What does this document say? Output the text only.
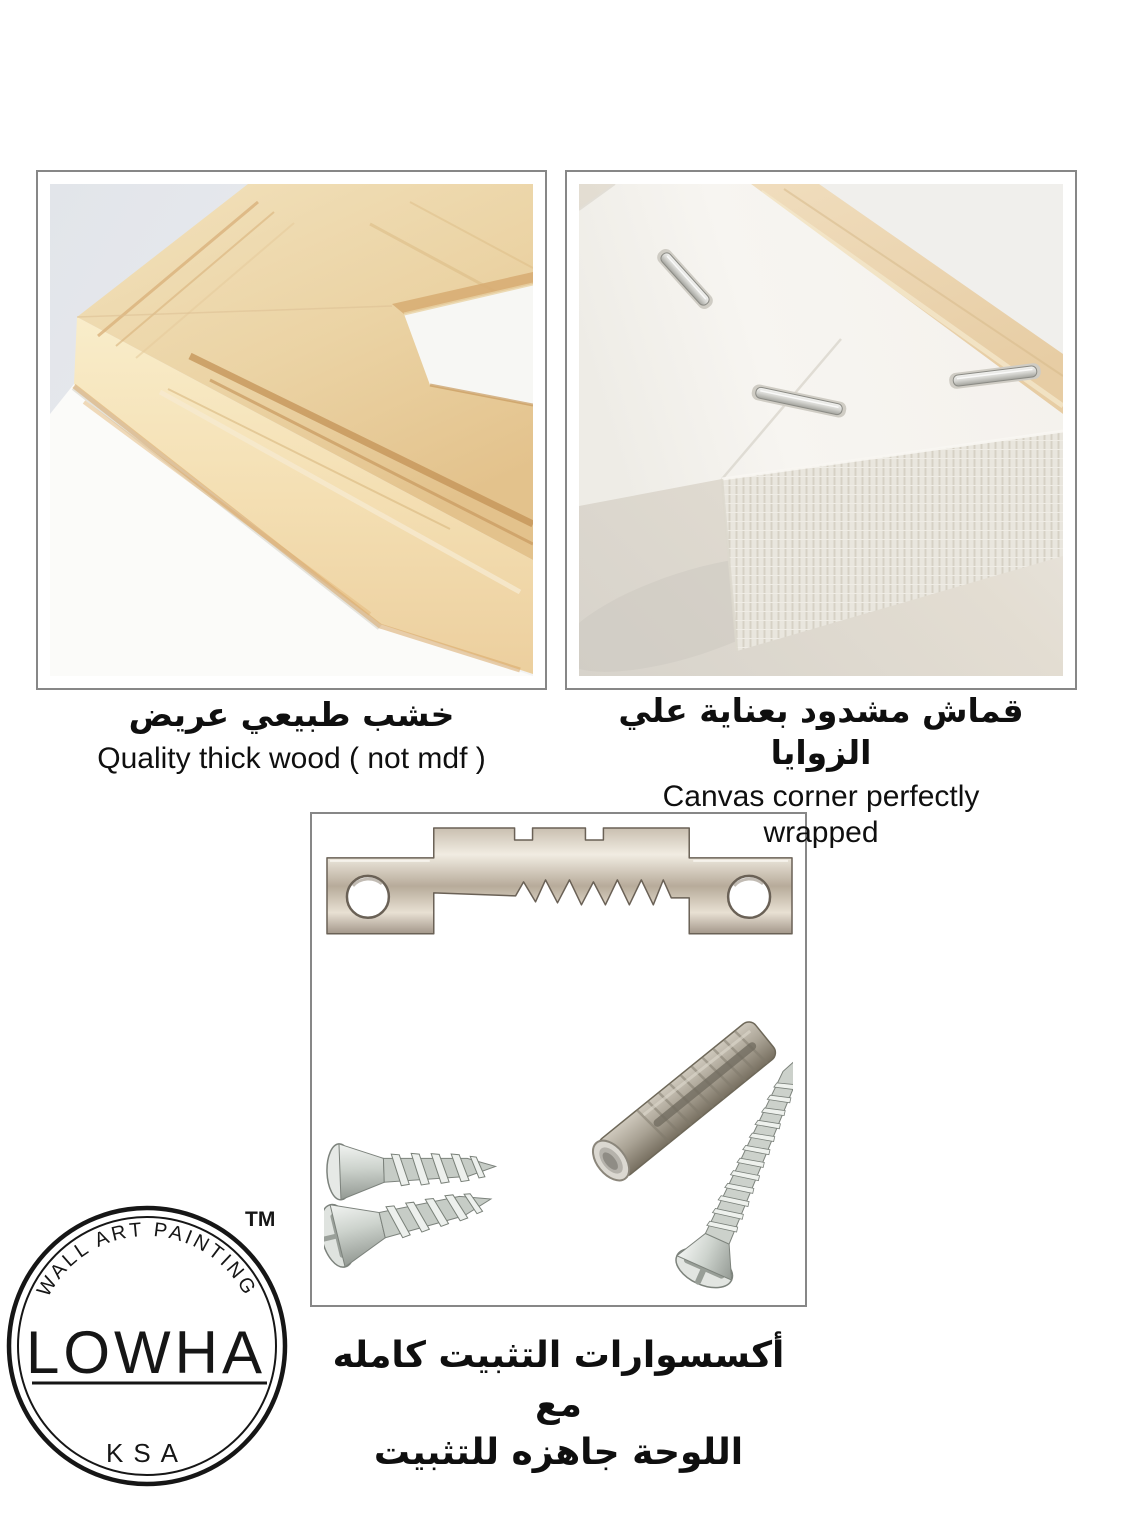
خشب طبيعي عريض
Quality thick wood ( not mdf )
قماش مشدود بعناية علي الزوايا
Canvas corner perfectly
wrapped
أكسسوارات التثبيت كامله مع
اللوحة جاهزه للتثبيت
WALL ART PAINTING
LOWHA
KSA
TM
